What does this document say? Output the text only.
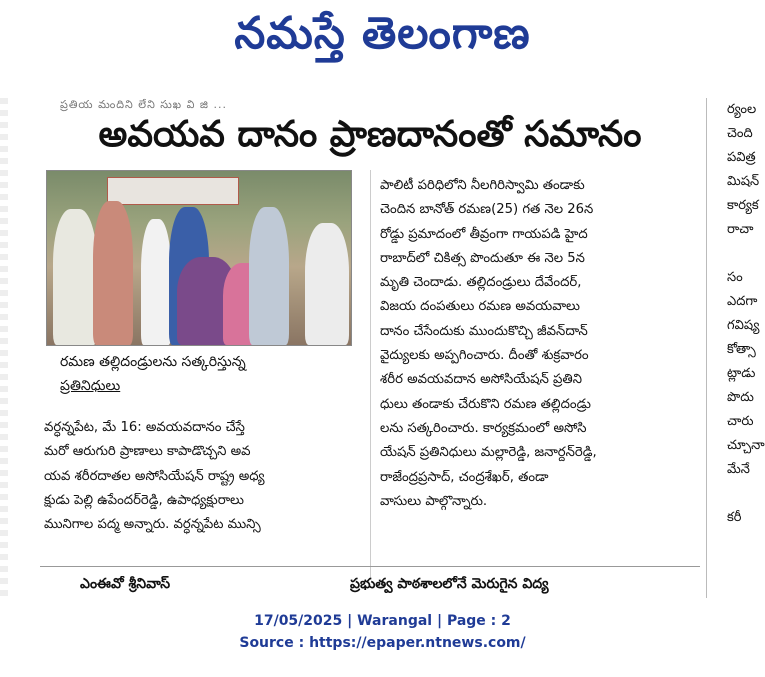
నమస్తే తెలంగాణ
ప్రతియ మందిని లేని సుఖ వి జి ...
అవయవ దానం ప్రాణదానంతో సమానం
రమణ తల్లిదండ్రులను సత్కరిస్తున్న
ప్రతినిధులు
వర్ధన్నపేట, మే 16: అవయవదానం చేస్తే
మరో ఆరుగురి ప్రాణాలు కాపాడొచ్చని అవ
యవ శరీరదాతల అసోసియేషన్ రాష్ట్ర అధ్య
క్షుడు పెల్లి ఉపేందర్‌రెడ్డి, ఉపాధ్యక్షురాలు
మునిగాల పద్మ అన్నారు. వర్ధన్నపేట మున్సి
పాలిటీ పరిధిలోని నీలగిరిస్వామి తండాకు
చెందిన బానోత్ రమణ(25) గత నెల 26న
రోడ్డు ప్రమాదంలో తీవ్రంగా గాయపడి హైద
రాబాద్‌లో చికిత్స పొందుతూ ఈ నెల 5న
మృతి చెందాడు. తల్లిదండ్రులు దేవేందర్,
విజయ దంపతులు రమణ అవయవాలు
దానం చేసేందుకు ముందుకొచ్చి జీవన్‌దాన్
వైద్యులకు అప్పగించారు. దీంతో శుక్రవారం
శరీర అవయవదాన అసోసియేషన్ ప్రతిని
ధులు తండాకు చేరుకొని రమణ తల్లిదండ్రు
లను సత్కరించారు. కార్యక్రమంలో అసోసి
యేషన్ ప్రతినిధులు మల్లారెడ్డి, జనార్దన్‌రెడ్డి,
రాజేంద్రప్రసాద్, చంద్రశేఖర్, తండా
వాసులు పాల్గొన్నారు.
ర్యంల
చెంది
పవిత్ర
మిషన్
కార్యక
రాచా

సం
ఎదగా
గవిష్య
కోత్సా
ట్లాడు
పొదు
చారు
చ్చూనా
మేనే

కరీ
ఎంఈవో శ్రీనివాస్	ప్రభుత్వ పాఠశాలలోనే మెరుగైన విద్య
17/05/2025 | Warangal | Page : 2
Source : https://epaper.ntnews.com/
